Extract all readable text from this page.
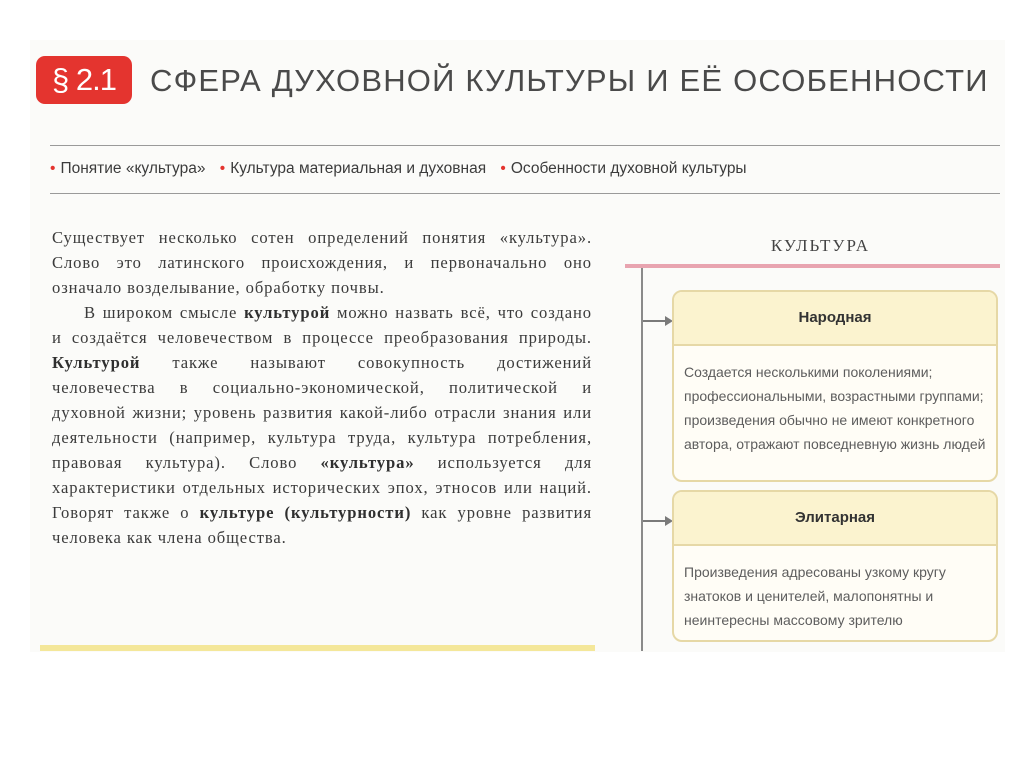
§ 2.1	СФЕРА ДУХОВНОЙ КУЛЬТУРЫ И ЕЁ ОСОБЕННОСТИ
• Понятие «культура» • Культура материальная и духовная • Особенности духовной культуры

Существует несколько сотен определений понятия «культура». Слово это латинского происхождения, и первоначально оно означало возделывание, обработку почвы.

В широком смысле культурой можно назвать всё, что создано и создаётся человечеством в процессе преобразования природы. Культурой также называют совокупность достижений человечества в социально-экономической, политической и духовной жизни; уровень развития какой-либо отрасли знания или деятельности (например, культура труда, культура потребления, правовая культура). Слово «культура» используется для характеристики отдельных исторических эпох, этносов или наций. Говорят также о культуре (культурности) как уровне развития человека как члена общества.

КУЛЬТУРА
Народная
Создается несколькими поколениями; профессиональными, возрастными группами; произведения обычно не имеют конкретного автора, отражают повседневную жизнь людей
Элитарная
Произведения адресованы узкому кругу знатоков и ценителей, малопонятны и неинтересны массовому зрителю
